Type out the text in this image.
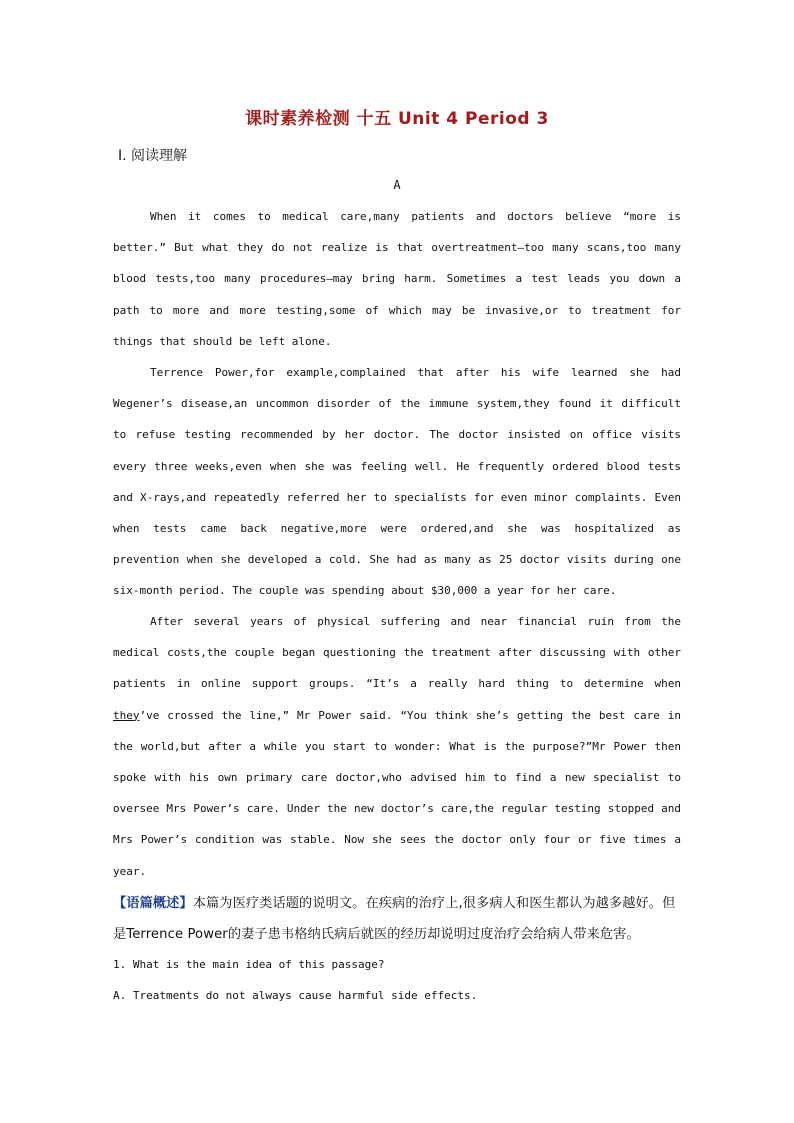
课时素养检测 十五 Unit 4 Period 3
Ⅰ. 阅读理解
A
When it comes to medical care,many patients and doctors believe “more is better.” But what they do not realize is that overtreatment—too many scans,too many blood tests,too many procedures—may bring harm. Sometimes a test leads you down a path to more and more testing,some of which may be invasive,or to treatment for things that should be left alone.
Terrence Power,for example,complained that after his wife learned she had Wegener’s disease,an uncommon disorder of the immune system,they found it difficult to refuse testing recommended by her doctor. The doctor insisted on office visits every three weeks,even when she was feeling well. He frequently ordered blood tests and X-rays,and repeatedly referred her to specialists for even minor complaints. Even when tests came back negative,more were ordered,and she was hospitalized as prevention when she developed a cold. She had as many as 25 doctor visits during one six-month period. The couple was spending about $30,000 a year for her care.
After several years of physical suffering and near financial ruin from the medical costs,the couple began questioning the treatment after discussing with other patients in online support groups. “It’s a really hard thing to determine when they’ve crossed the line,” Mr Power said. “You think she’s getting the best care in the world,but after a while you start to wonder: What is the purpose?”Mr Power then spoke with his own primary care doctor,who advised him to find a new specialist to oversee Mrs Power’s care. Under the new doctor’s care,the regular testing stopped and Mrs Power’s condition was stable. Now she sees the doctor only four or five times a year.
【语篇概述】本篇为医疗类话题的说明文。在疾病的治疗上,很多病人和医生都认为越多越好。但是Terrence Power的妻子患韦格纳氏病后就医的经历却说明过度治疗会给病人带来危害。
1. What is the main idea of this passage?
A. Treatments do not always cause harmful side effects.
